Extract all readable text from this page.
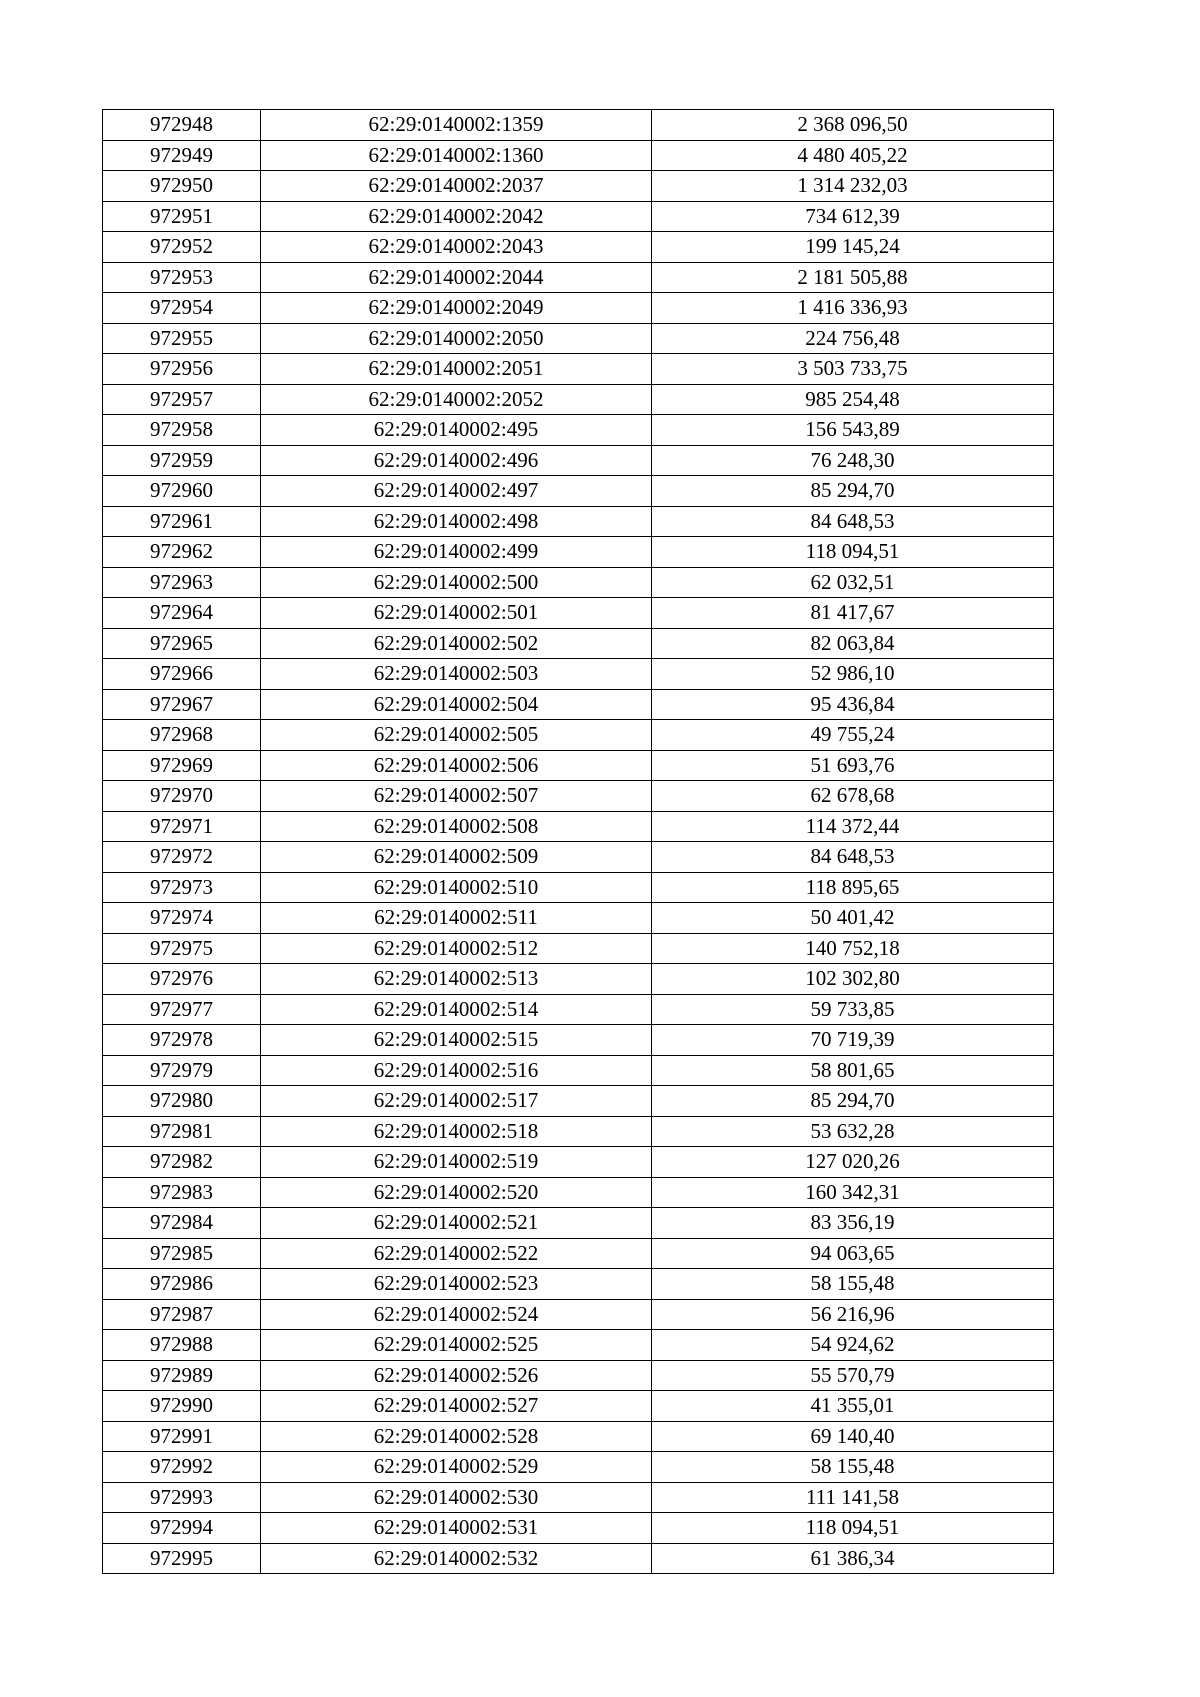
972948	62:29:0140002:1359	2 368 096,50
972949	62:29:0140002:1360	4 480 405,22
972950	62:29:0140002:2037	1 314 232,03
972951	62:29:0140002:2042	734 612,39
972952	62:29:0140002:2043	199 145,24
972953	62:29:0140002:2044	2 181 505,88
972954	62:29:0140002:2049	1 416 336,93
972955	62:29:0140002:2050	224 756,48
972956	62:29:0140002:2051	3 503 733,75
972957	62:29:0140002:2052	985 254,48
972958	62:29:0140002:495	156 543,89
972959	62:29:0140002:496	76 248,30
972960	62:29:0140002:497	85 294,70
972961	62:29:0140002:498	84 648,53
972962	62:29:0140002:499	118 094,51
972963	62:29:0140002:500	62 032,51
972964	62:29:0140002:501	81 417,67
972965	62:29:0140002:502	82 063,84
972966	62:29:0140002:503	52 986,10
972967	62:29:0140002:504	95 436,84
972968	62:29:0140002:505	49 755,24
972969	62:29:0140002:506	51 693,76
972970	62:29:0140002:507	62 678,68
972971	62:29:0140002:508	114 372,44
972972	62:29:0140002:509	84 648,53
972973	62:29:0140002:510	118 895,65
972974	62:29:0140002:511	50 401,42
972975	62:29:0140002:512	140 752,18
972976	62:29:0140002:513	102 302,80
972977	62:29:0140002:514	59 733,85
972978	62:29:0140002:515	70 719,39
972979	62:29:0140002:516	58 801,65
972980	62:29:0140002:517	85 294,70
972981	62:29:0140002:518	53 632,28
972982	62:29:0140002:519	127 020,26
972983	62:29:0140002:520	160 342,31
972984	62:29:0140002:521	83 356,19
972985	62:29:0140002:522	94 063,65
972986	62:29:0140002:523	58 155,48
972987	62:29:0140002:524	56 216,96
972988	62:29:0140002:525	54 924,62
972989	62:29:0140002:526	55 570,79
972990	62:29:0140002:527	41 355,01
972991	62:29:0140002:528	69 140,40
972992	62:29:0140002:529	58 155,48
972993	62:29:0140002:530	111 141,58
972994	62:29:0140002:531	118 094,51
972995	62:29:0140002:532	61 386,34
